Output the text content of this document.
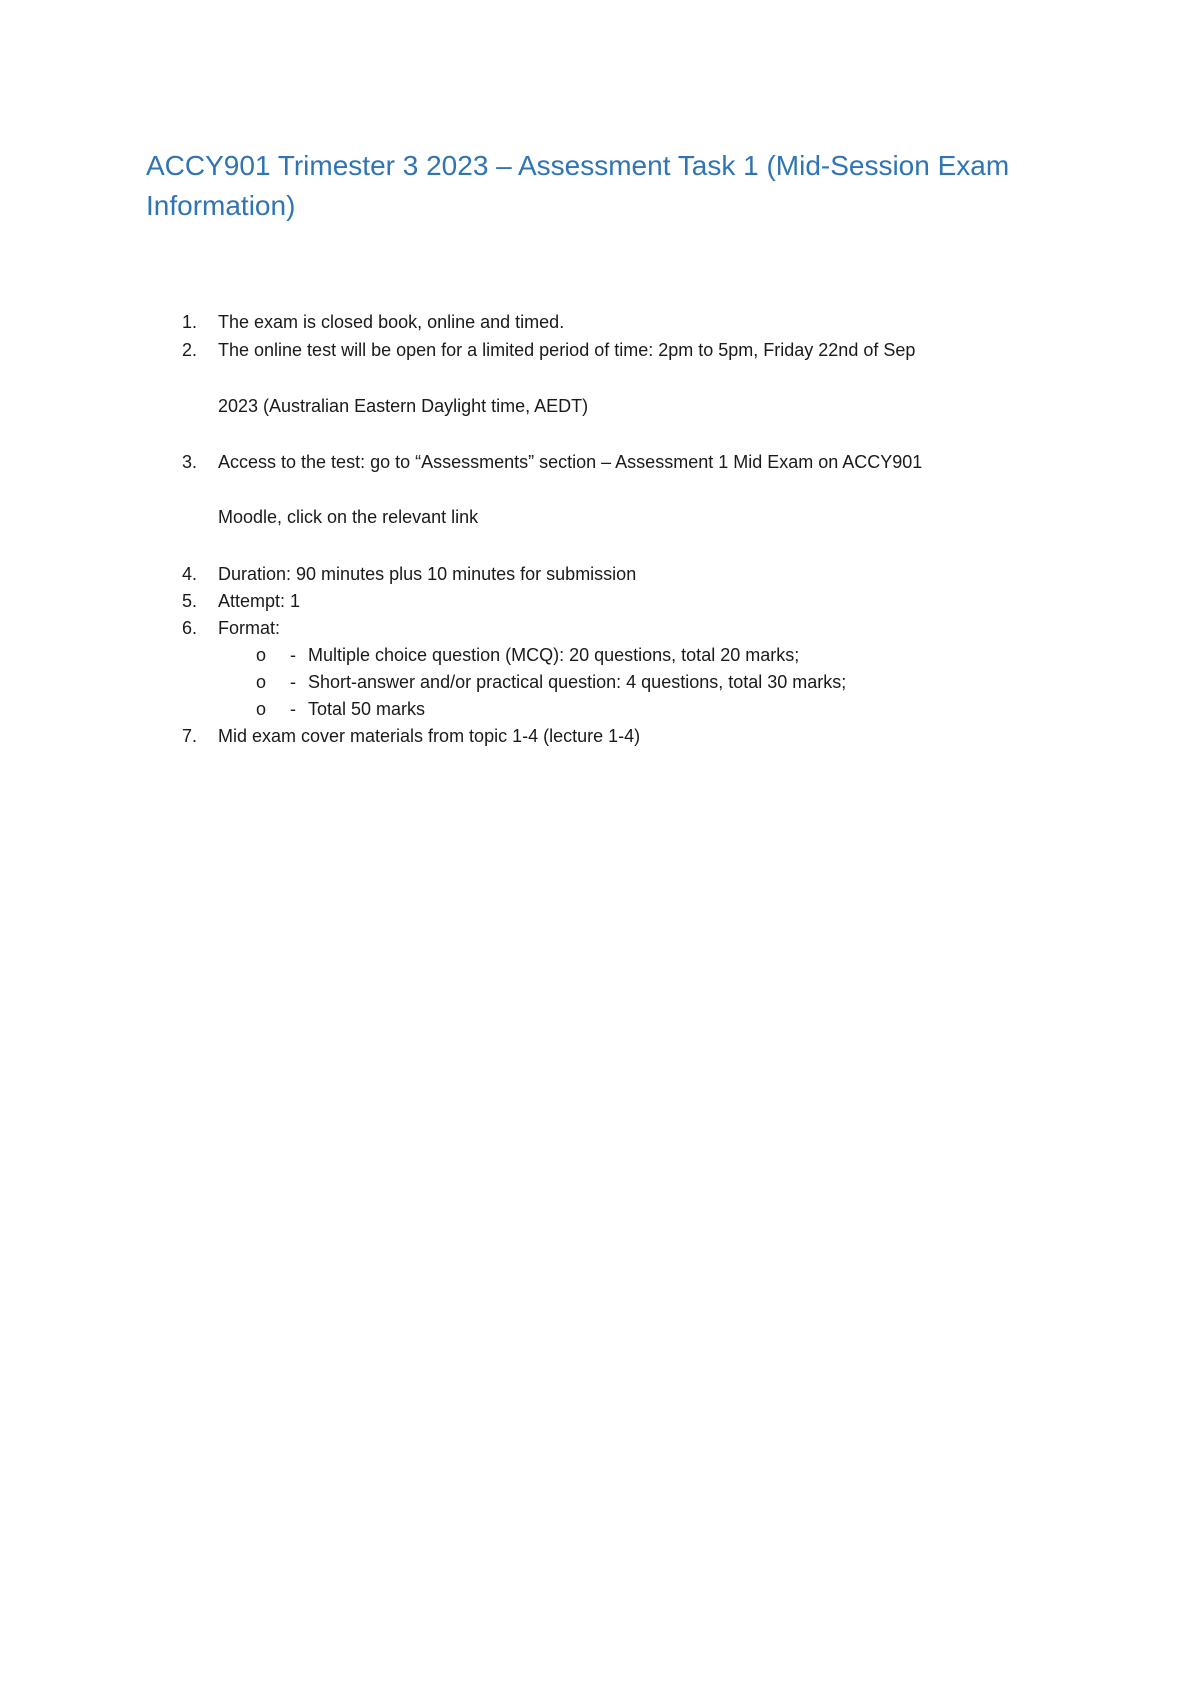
ACCY901 Trimester 3 2023 – Assessment Task 1 (Mid-Session Exam Information)
1.	The exam is closed book, online and timed.
2.	The online test will be open for a limited period of time: 2pm to 5pm, Friday 22nd of Sep
2023 (Australian Eastern Daylight time, AEDT)
3.	Access to the test: go to “Assessments” section – Assessment 1 Mid Exam on ACCY901
Moodle, click on the relevant link
4.	Duration: 90 minutes plus 10 minutes for submission
5.	Attempt: 1
6.	Format:
o	- Multiple choice question (MCQ): 20 questions, total 20 marks;
o	- Short-answer and/or practical question: 4 questions, total 30 marks;
o	- Total 50 marks
7.	Mid exam cover materials from topic 1-4 (lecture 1-4)
